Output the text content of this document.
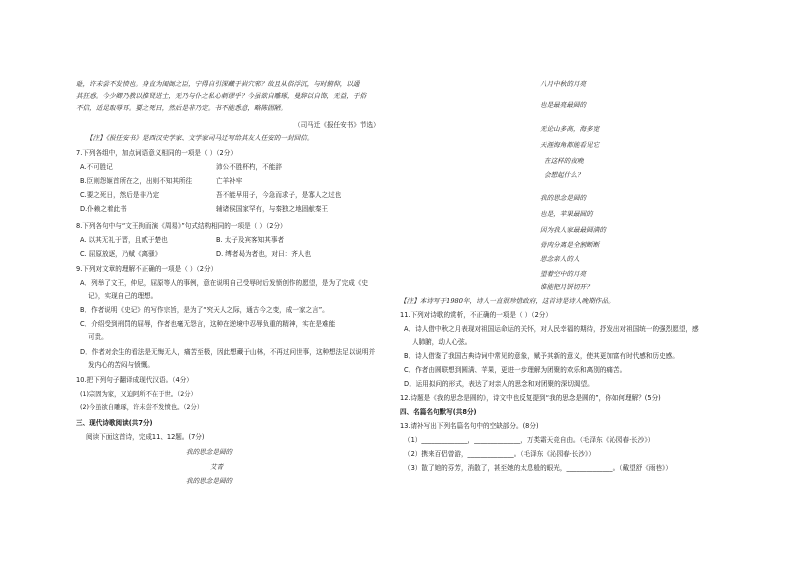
耻，许未尝不发愤也。身直为闺阁之臣，宁得自引深藏于岩穴邪？故且从俗浮沉，与时俯仰，以通
其狂惑。今少卿乃教以推贤进士，无乃与仆之私心刺谬乎？今虽欲自雕琢，曼辞以自饰，无益，于俗
不信，适足取辱耳。要之死日，然后是非乃定。书不能悉意，略陈固陋。
（司马迁《报任安书》节选）
【注】《报任安书》是西汉史学家、文学家司马迁写给其友人任安的一封回信。
7.下列各组中，加点词语意义相同的一项是（ ）（2分）
A.不可胜记	沛公不胜杯杓，不能辞
B.臣则怨姬首所在之，出则不知其所往	亡羊补牢
C.要之死日，然后是非乃定	吾不能早用子，今急而求子，是寡人之过也
D.仆赖之着此书	辅诸侯国家罕有，与秦独之地固献秦王
8.下列各句中与“文王拘而演《周易》”句式结构相同的一项是（ ）（2分）
A. 以其无礼于晋，且贰于楚也	B. 太子及宾客知其事者
C. 屈原放逐，乃赋《离骚》	D. 缚者曷为者也，对曰：齐人也
9.下列对文章的理解不正确的一项是（ ）（2分）
A．列举了文王，仲尼，屈原等人的事例，意在说明自己受辱时后发愤创作的愿望，是为了完成《史
记》，实现自己的理想。
B．作者说明《史记》的写作宗旨，是为了“究天人之际，通古今之变，成一家之言”。
C．介绍受到刑罚的屈辱，作者也毫无怨言，这种在逆境中忍辱负重的精神，实在是难能
可贵。
D．作者对余生的看法是无悔无人，痛苦至极，因此想藏于山林，不再过问世事，这种想法足以说明并
发内心的苦闷与愤慨。
10.把下列句子翻译成现代汉语。（4分）
(1)宗固为家，又迫阿所不在于世。（2分）
(2)今虽欲自雕琢，许未尝不发愤也。（2分）
三、现代诗歌阅读(共7分)
阅读下面这首诗，完成11、12题。(7分)
我的思念是圆的
艾青
我的思念是圆的
八月中秋的月亮
也是最亮最圆的
无论山多高，海多宽
天涯海角都能看见它
在这样的夜晚
会想起什么？
我的思念是圆的
也是，苹果最圆的
因为我人家最最圆满的
骨肉分离是全割断断
思念亲人的人
望着空中的月亮
谁能把月饼切开？
【注】本诗写于1980年，诗人一直很珍惜政府，这首诗是诗人晚期作品。
11.下列对诗歌的赏析，不正确的一项是（ ）（2分）
A．诗人借中秋之月表现对祖国运命运的关怀，对人民幸福的期待，抒发出对祖国统一的强烈愿望，感
人肺腑，动人心弦。
B．诗人借鉴了我国古典诗词中常见的意象，赋予其新的意义，使其更加富有时代感和历史感。
C．作者由圆联想到圆满、苹果，更进一步理解为团聚的欢乐和离别的痛苦。
D．运用拟问的形式，表达了对亲人的思念和对团聚的深切渴望。
12.诗题是《我的思念是圆的》，诗文中也反复提到“我的思念是圆的”，你如何理解？(5分)
四、名篇名句默写(共8分)
13.请补写出下列名篇名句中的空缺部分。(8分)
（1）______________，______________，万类霜天竞自由。（毛泽东《沁园春·长沙》）
（2）携来百侣曾游，______________。（毛泽东《沁园春·长沙》）
（3）散了她的芬芳，消散了，甚至她的太息般的眼光，______________。（戴望舒《雨巷》）
